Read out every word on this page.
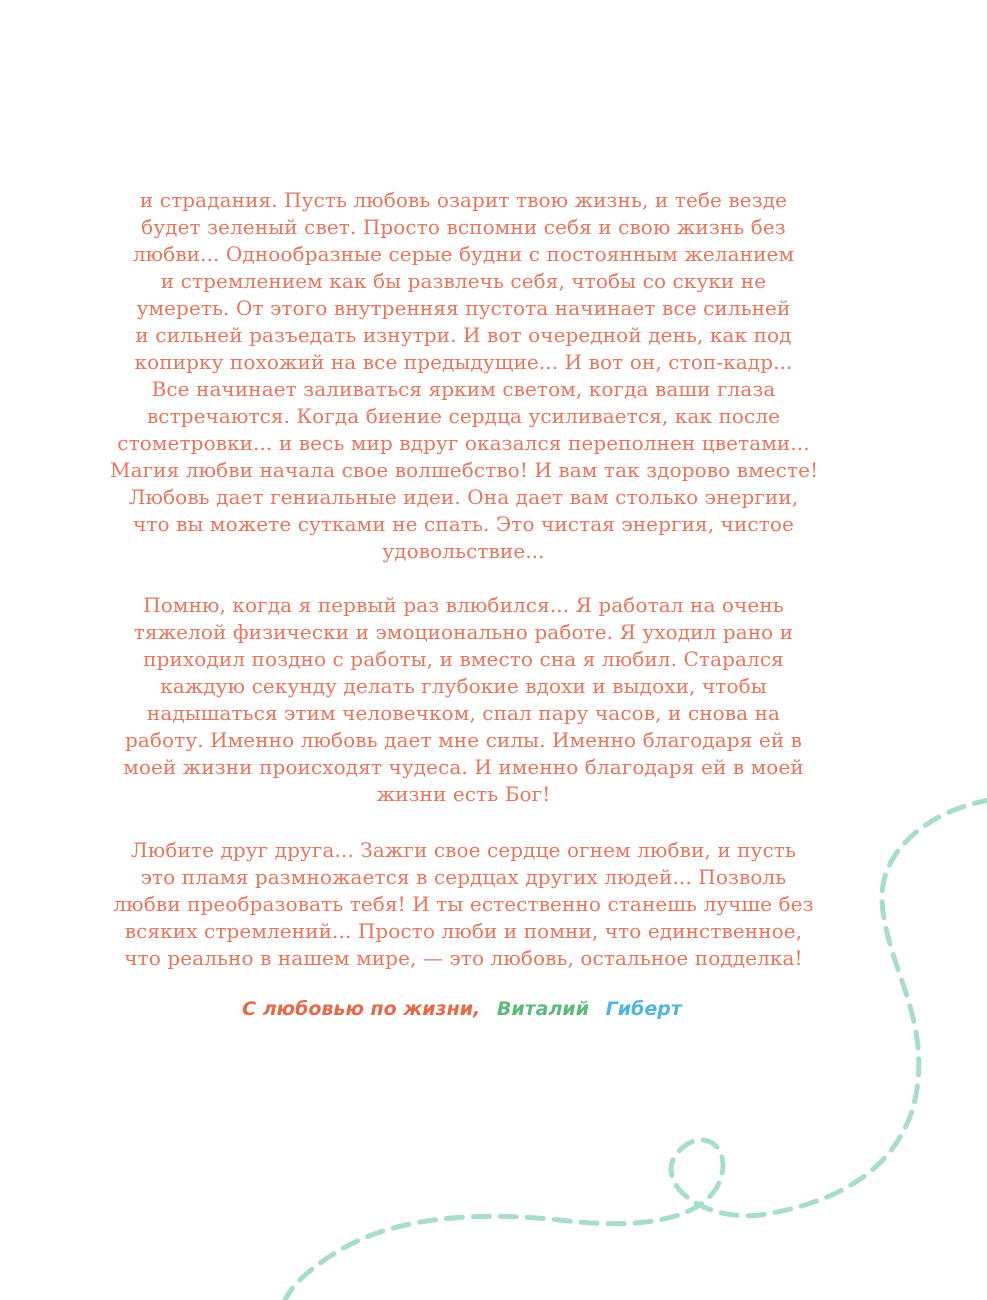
и страдания. Пусть любовь озарит твою жизнь, и тебе везде
будет зеленый свет. Просто вспомни себя и свою жизнь без
любви... Однообразные серые будни с постоянным желанием
и стремлением как бы развлечь себя, чтобы со скуки не
умереть. От этого внутренняя пустота начинает все сильней
и сильней разъедать изнутри. И вот очередной день, как под
копирку похожий на все предыдущие... И вот он, стоп-кадр...
Все начинает заливаться ярким светом, когда ваши глаза
встречаются. Когда биение сердца усиливается, как после
стометровки... и весь мир вдруг оказался переполнен цветами...
Магия любви начала свое волшебство! И вам так здорово вместе!
Любовь дает гениальные идеи. Она дает вам столько энергии,
что вы можете сутками не спать. Это чистая энергия, чистое
удовольствие...
Помню, когда я первый раз влюбился... Я работал на очень
тяжелой физически и эмоционально работе. Я уходил рано и
приходил поздно с работы, и вместо сна я любил. Старался
каждую секунду делать глубокие вдохи и выдохи, чтобы
надышаться этим человечком, спал пару часов, и снова на
работу. Именно любовь дает мне силы. Именно благодаря ей в
моей жизни происходят чудеса. И именно благодаря ей в моей
жизни есть Бог!
Любите друг друга... Зажги свое сердце огнем любви, и пусть
это пламя размножается в сердцах других людей... Позволь
любви преобразовать тебя! И ты естественно станешь лучше без
всяких стремлений... Просто люби и помни, что единственное,
что реально в нашем мире, — это любовь, остальное подделка!
С любовью по жизни, Виталий Гиберт
